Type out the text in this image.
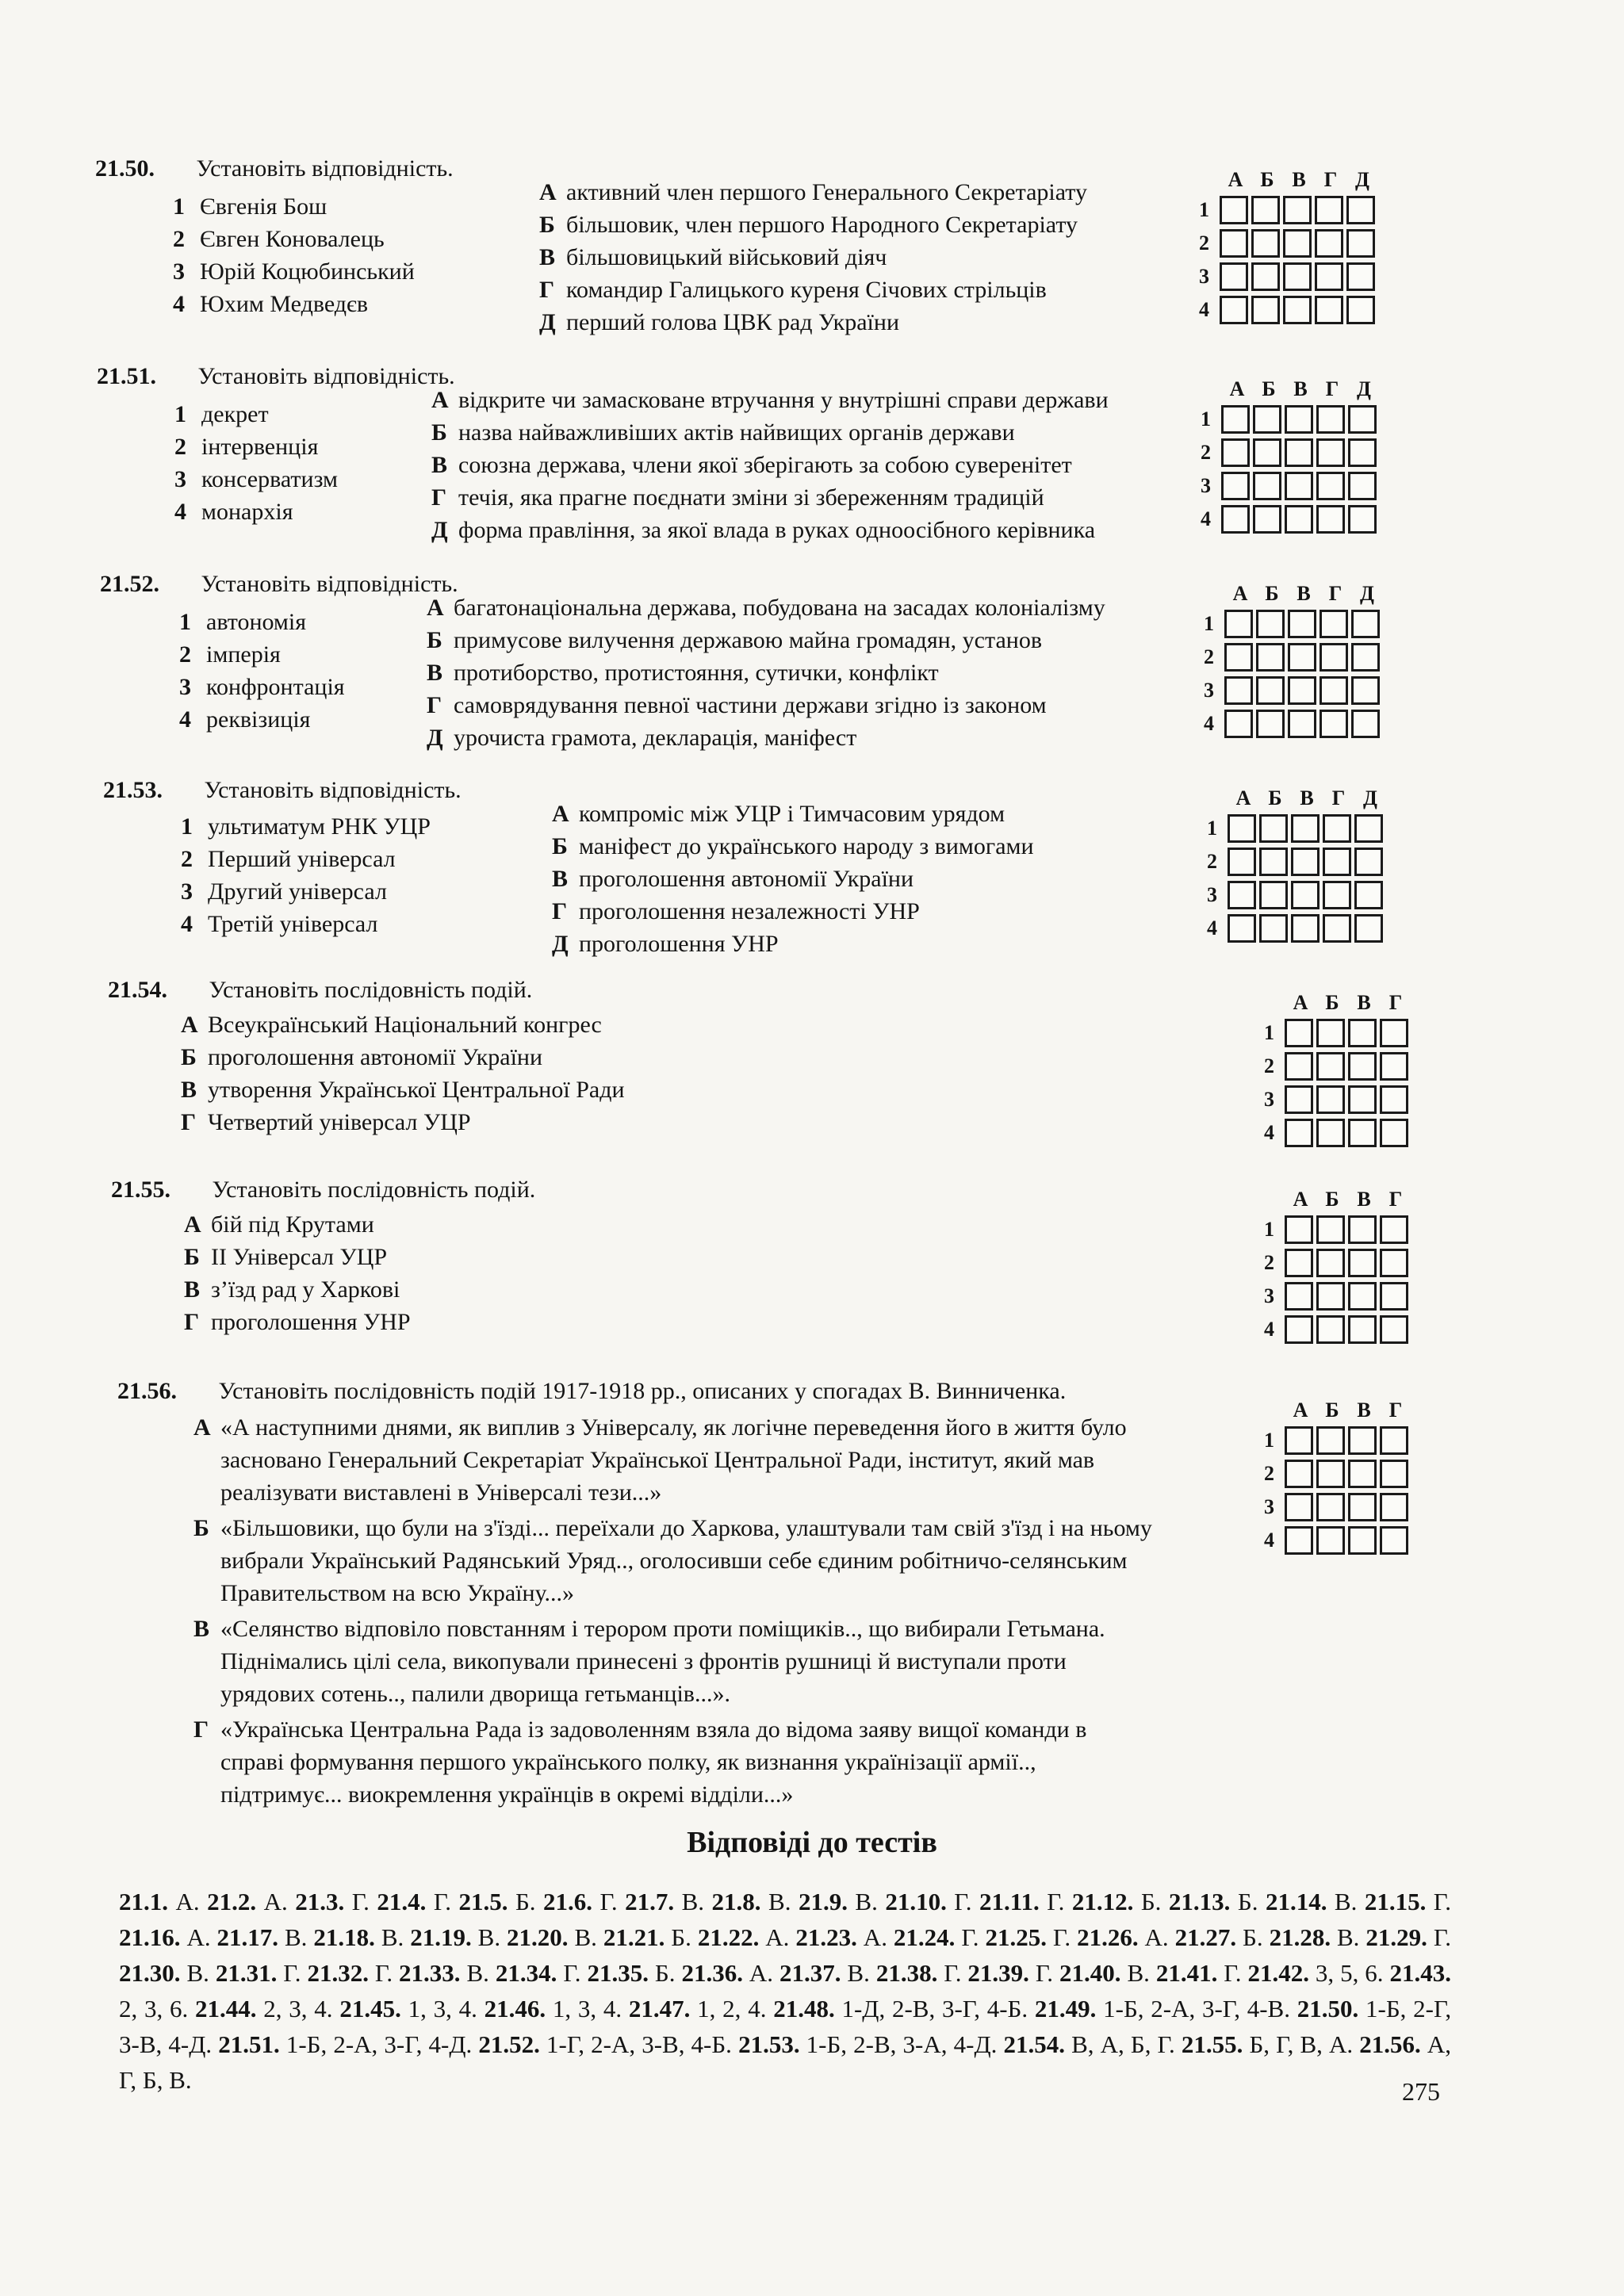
21.50. Установіть відповідність.
1 Євгенія Бош
2 Євген Коновалець
3 Юрій Коцюбинський
4 Юхим Медведєв
А активний член першого Генерального Секретаріату
Б більшовик, член першого Народного Секретаріату
В більшовицький військовий діяч
Г командир Галицького куреня Січових стрільців
Д перший голова ЦВК рад України
А Б В Г Д
1
2
3
4
21.51. Установіть відповідність.
1 декрет
2 інтервенція
3 консерватизм
4 монархія
А відкрите чи замасковане втручання у внутрішні справи держави
Б назва найважливіших актів найвищих органів держави
В союзна держава, члени якої зберігають за собою суверенітет
Г течія, яка прагне поєднати зміни зі збереженням традицій
Д форма правління, за якої влада в руках одноосібного керівника
А Б В Г Д
1
2
3
4
21.52. Установіть відповідність.
1 автономія
2 імперія
3 конфронтація
4 реквізиція
А багатонаціональна держава, побудована на засадах колоніалізму
Б примусове вилучення державою майна громадян, установ
В протиборство, протистояння, сутички, конфлікт
Г самоврядування певної частини держави згідно із законом
Д урочиста грамота, декларація, маніфест
А Б В Г Д
1
2
3
4
21.53. Установіть відповідність.
1 ультиматум РНК УЦР
2 Перший універсал
3 Другий універсал
4 Третій універсал
А компроміс між УЦР і Тимчасовим урядом
Б маніфест до українського народу з вимогами
В проголошення автономії України
Г проголошення незалежності УНР
Д проголошення УНР
А Б В Г Д
1
2
3
4
21.54. Установіть послідовність подій.
А Всеукраїнський Національний конгрес
Б проголошення автономії України
В утворення Української Центральної Ради
Г Четвертий універсал УЦР
А Б В Г
1
2
3
4
21.55. Установіть послідовність подій.
А бій під Крутами
Б ІІ Універсал УЦР
В з’їзд рад у Харкові
Г проголошення УНР
А Б В Г
1
2
3
4
21.56. Установіть послідовність подій 1917-1918 рр., описаних у спогадах В. Винниченка.
А «А наступними днями, як виплив з Універсалу, як логічне переведення його в життя було засновано Генеральний Секретаріат Української Центральної Ради, інститут, який мав реалізувати виставлені в Універсалі тези...»
Б «Більшовики, що були на з'їзді... переїхали до Харкова, улаштували там свій з'їзд і на ньому вибрали Український Радянський Уряд.., оголосивши себе єдиним робітничо-селянським Правительством на всю Україну...»
В «Селянство відповіло повстанням і терором проти поміщиків.., що вибирали Гетьмана. Піднімались цілі села, викопували принесені з фронтів рушниці й виступали проти урядових сотень.., палили дворища гетьманців...».
Г «Українська Центральна Рада із задоволенням взяла до відома заяву вищої команди в справі формування першого українського полку, як визнання українізації армії.., підтримує... виокремлення українців в окремі відділи...»
А Б В Г
1
2
3
4
Відповіді до тестів
21.1. А. 21.2. А. 21.3. Г. 21.4. Г. 21.5. Б. 21.6. Г. 21.7. В. 21.8. В. 21.9. В. 21.10. Г. 21.11. Г. 21.12. Б. 21.13. Б. 21.14. В. 21.15. Г. 21.16. А. 21.17. В. 21.18. В. 21.19. В. 21.20. В. 21.21. Б. 21.22. А. 21.23. А. 21.24. Г. 21.25. Г. 21.26. А. 21.27. Б. 21.28. В. 21.29. Г. 21.30. В. 21.31. Г. 21.32. Г. 21.33. В. 21.34. Г. 21.35. Б. 21.36. А. 21.37. В. 21.38. Г. 21.39. Г. 21.40. В. 21.41. Г. 21.42. 3, 5, 6. 21.43. 2, 3, 6. 21.44. 2, 3, 4. 21.45. 1, 3, 4. 21.46. 1, 3, 4. 21.47. 1, 2, 4. 21.48. 1-Д, 2-В, 3-Г, 4-Б. 21.49. 1-Б, 2-А, 3-Г, 4-В. 21.50. 1-Б, 2-Г, 3-В, 4-Д. 21.51. 1-Б, 2-А, 3-Г, 4-Д. 21.52. 1-Г, 2-А, 3-В, 4-Б. 21.53. 1-Б, 2-В, 3-А, 4-Д. 21.54. В, А, Б, Г. 21.55. Б, Г, В, А. 21.56. А, Г, Б, В.	275
